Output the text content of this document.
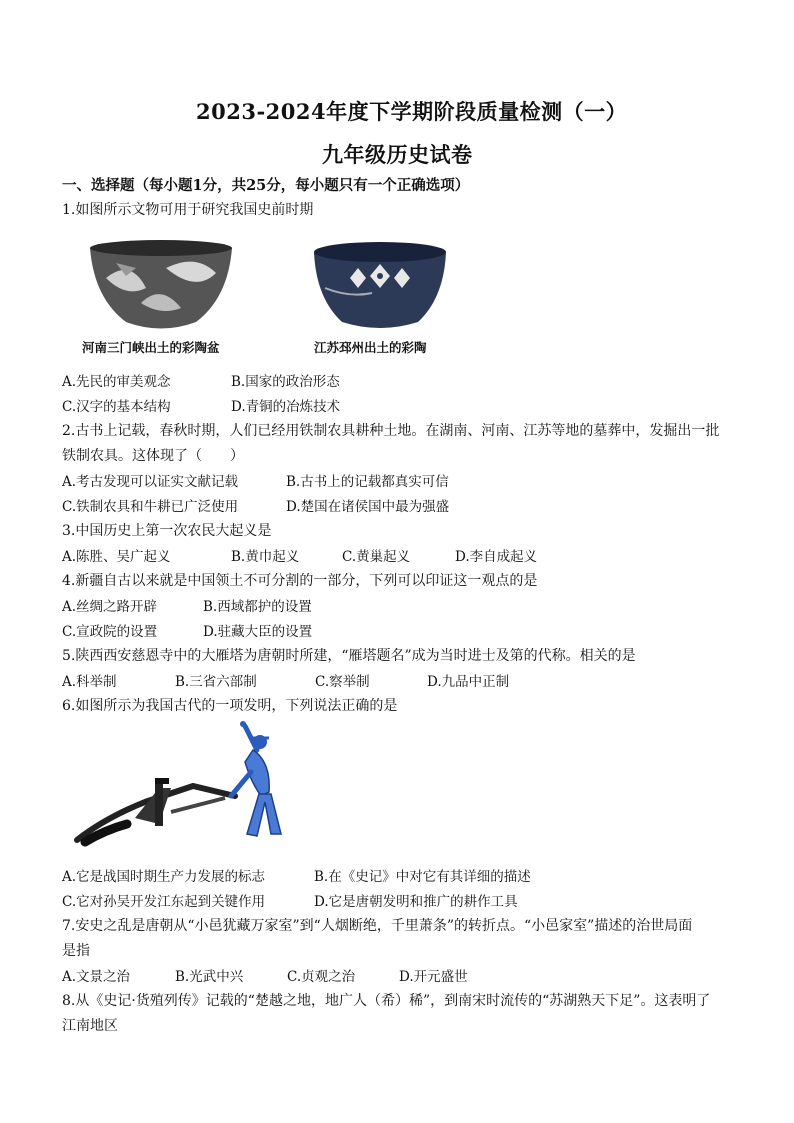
2023-2024年度下学期阶段质量检测（一）
九年级历史试卷
一、选择题（每小题1分，共25分，每小题只有一个正确选项）
1.如图所示文物可用于研究我国史前时期
河南三门峡出土的彩陶盆	江苏邳州出土的彩陶
A.先民的审美观念	B.国家的政治形态
C.汉字的基本结构	D.青铜的冶炼技术
2.古书上记载，春秋时期，人们已经用铁制农具耕种土地。在湖南、河南、江苏等地的墓葬中，发掘出一批
铁制农具。这体现了（　　）
A.考古发现可以证实文献记载	B.古书上的记载都真实可信
C.铁制农具和牛耕已广泛使用	D.楚国在诸侯国中最为强盛
3.中国历史上第一次农民大起义是
A.陈胜、吴广起义	B.黄巾起义	C.黄巢起义	D.李自成起义
4.新疆自古以来就是中国领土不可分割的一部分，下列可以印证这一观点的是
A.丝绸之路开辟	B.西域都护的设置
C.宣政院的设置	D.驻藏大臣的设置
5.陕西西安慈恩寺中的大雁塔为唐朝时所建，“雁塔题名”成为当时进士及第的代称。相关的是
A.科举制	B.三省六部制	C.察举制	D.九品中正制
6.如图所示为我国古代的一项发明，下列说法正确的是
A.它是战国时期生产力发展的标志	B.在《史记》中对它有其详细的描述
C.它对孙吴开发江东起到关键作用	D.它是唐朝发明和推广的耕作工具
7.安史之乱是唐朝从“小邑犹藏万家室”到“人烟断绝，千里萧条”的转折点。“小邑家室”描述的治世局面
是指
A.文景之治	B.光武中兴	C.贞观之治	D.开元盛世
8.从《史记·货殖列传》记载的“楚越之地，地广人（希）稀”，到南宋时流传的“苏湖熟天下足”。这表明了
江南地区
